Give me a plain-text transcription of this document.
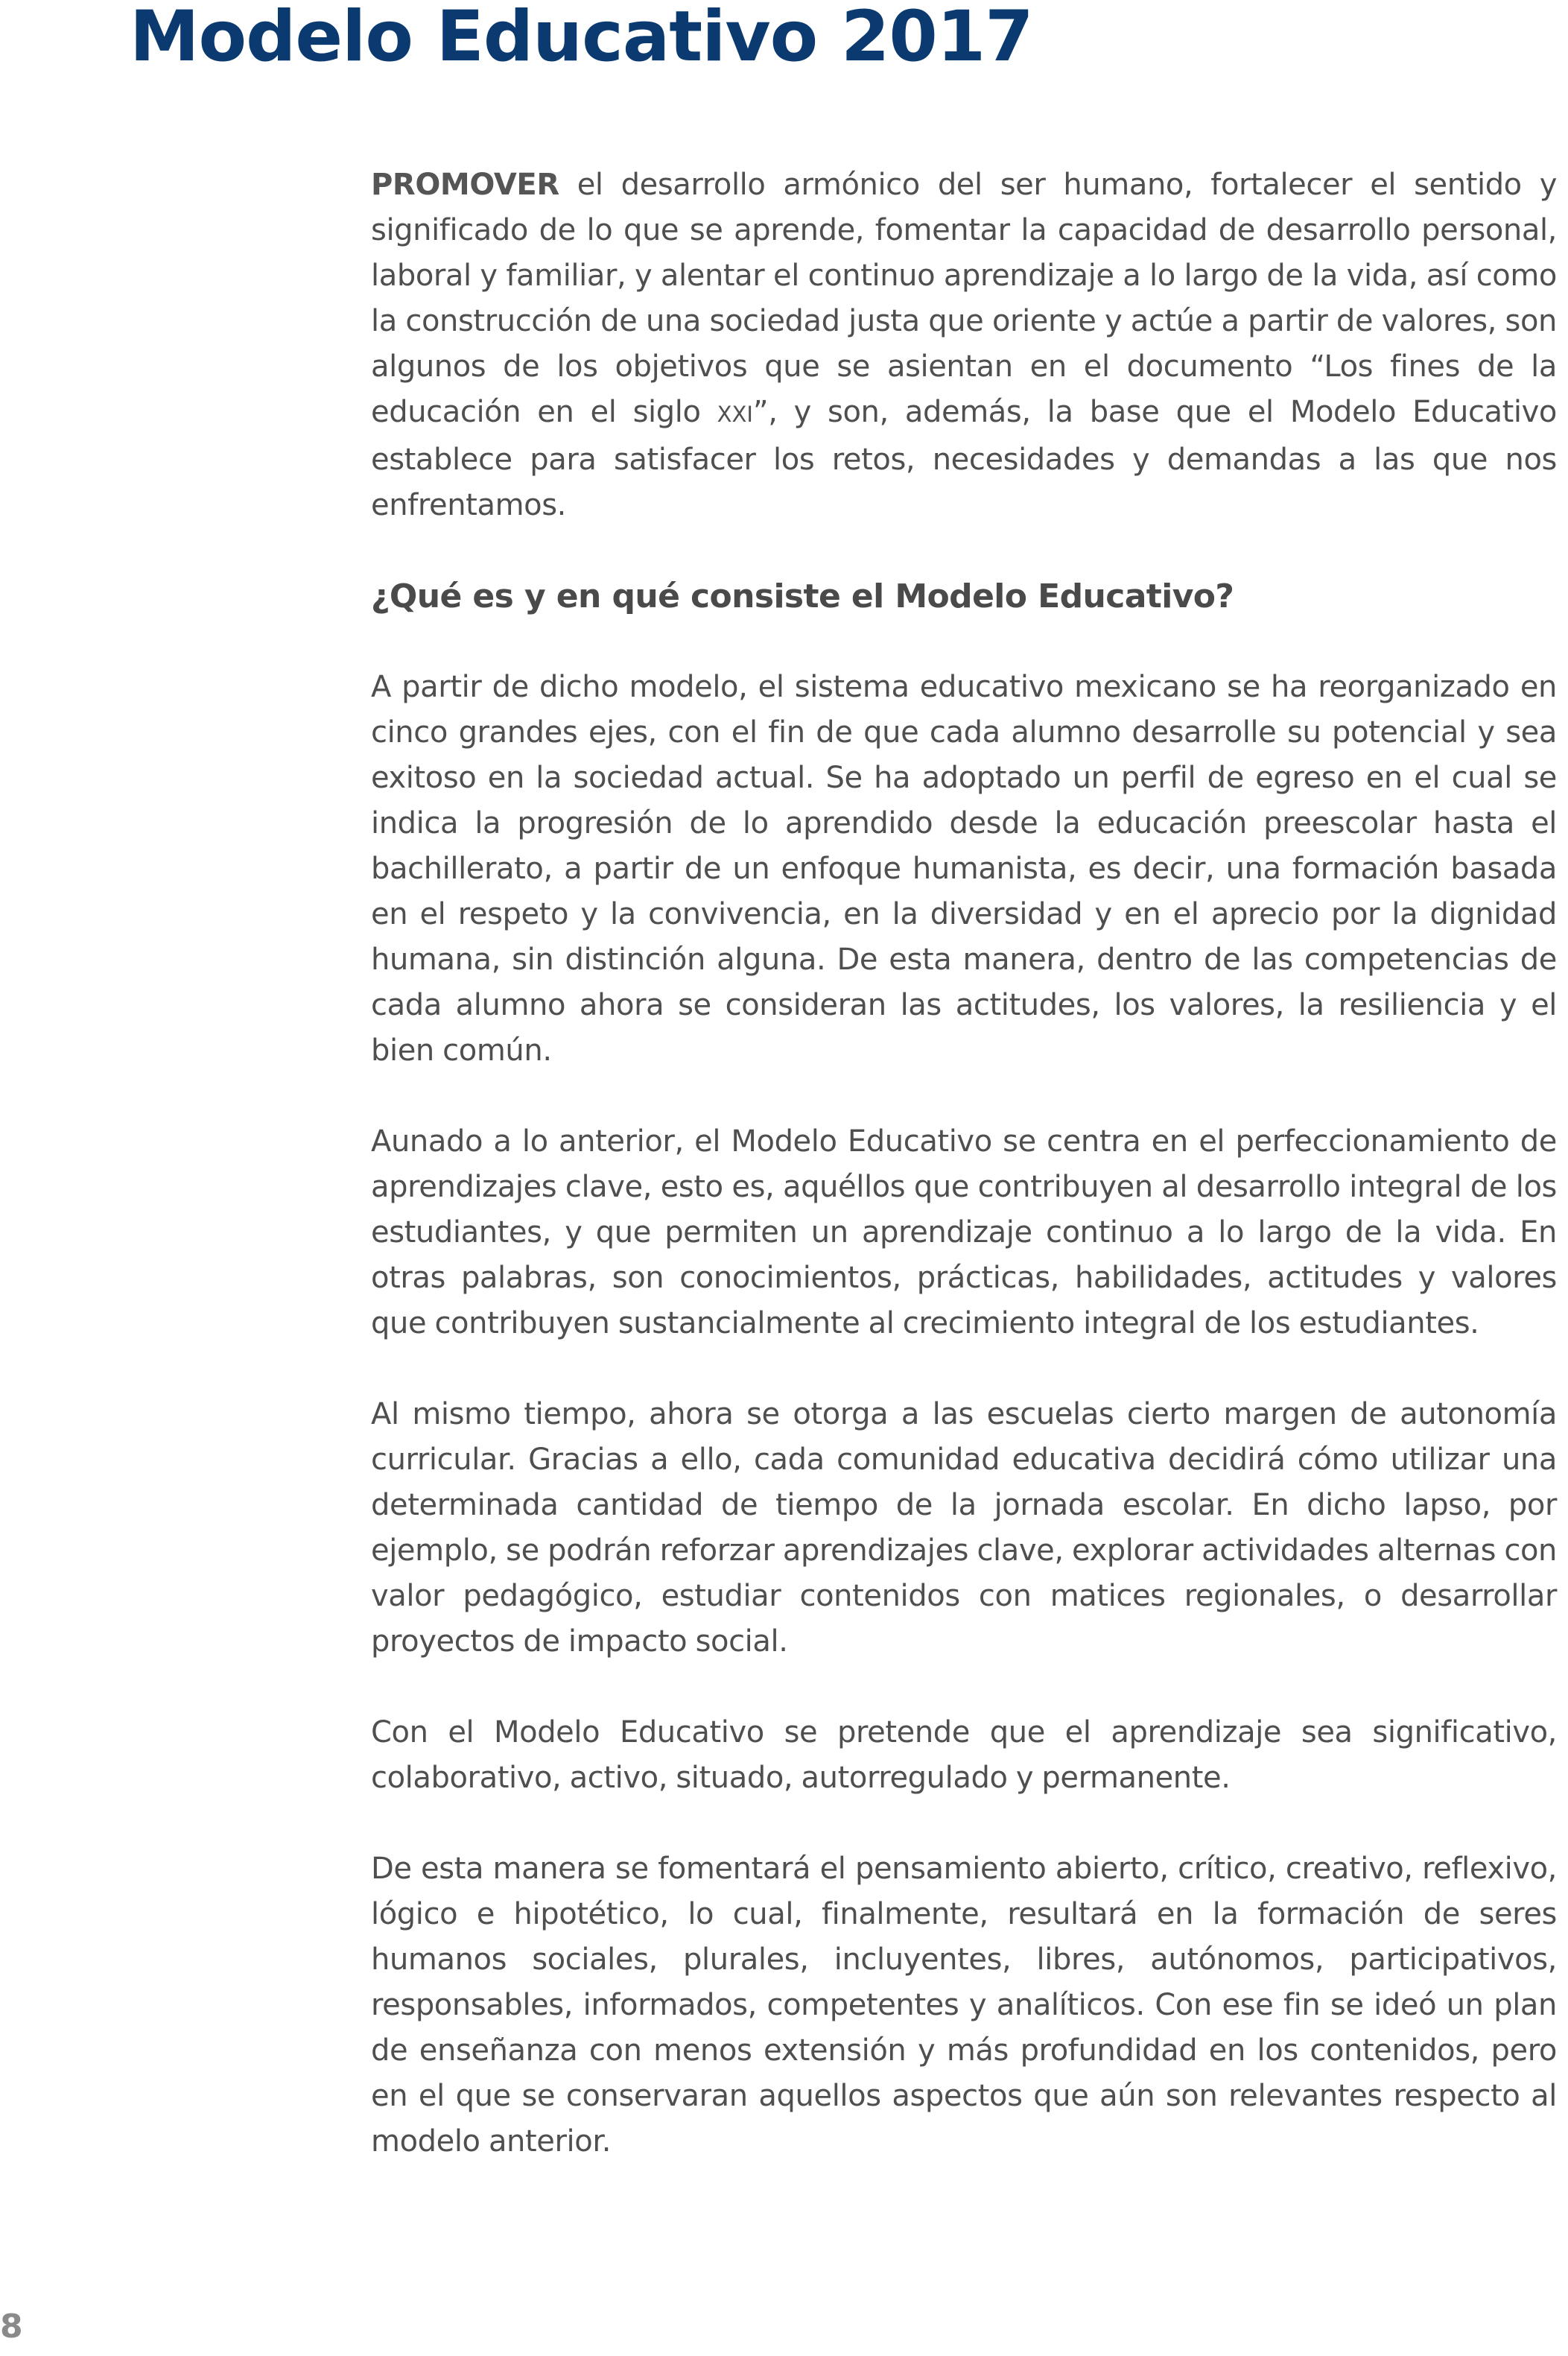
Modelo Educativo 2017

PROMOVER el desarrollo armónico del ser humano, fortalecer el sentido y significado de lo que se aprende, fomentar la capacidad de desarrollo personal, laboral y familiar, y alentar el continuo aprendizaje a lo largo de la vida, así como la construcción de una sociedad justa que oriente y actúe a partir de valores, son algunos de los objetivos que se asientan en el documento “Los fines de la educación en el siglo XXI”, y son, además, la base que el Modelo Educativo establece para satisfacer los retos, necesidades y demandas a las que nos enfrentamos.

¿Qué es y en qué consiste el Modelo Educativo?

A partir de dicho modelo, el sistema educativo mexicano se ha reorganizado en cinco grandes ejes, con el fin de que cada alumno desarrolle su potencial y sea exitoso en la sociedad actual. Se ha adoptado un perfil de egreso en el cual se indica la progresión de lo aprendido desde la educación preescolar hasta el bachillerato, a partir de un enfoque humanista, es decir, una formación basada en el respeto y la convivencia, en la diversidad y en el aprecio por la dignidad humana, sin distinción alguna. De esta manera, dentro de las competencias de cada alumno ahora se consideran las actitudes, los valores, la resiliencia y el bien común.

Aunado a lo anterior, el Modelo Educativo se centra en el perfeccionamiento de aprendizajes clave, esto es, aquéllos que contribuyen al desarrollo integral de los estudiantes, y que permiten un aprendizaje continuo a lo largo de la vida. En otras palabras, son conocimientos, prácticas, habilidades, actitudes y valores que contribuyen sustancialmente al crecimiento integral de los estudiantes.

Al mismo tiempo, ahora se otorga a las escuelas cierto margen de autonomía curricular. Gracias a ello, cada comunidad educativa decidirá cómo utilizar una determinada cantidad de tiempo de la jornada escolar. En dicho lapso, por ejemplo, se podrán reforzar aprendizajes clave, explorar actividades alternas con valor pedagógico, estudiar contenidos con matices regionales, o desarrollar proyectos de impacto social.

Con el Modelo Educativo se pretende que el aprendizaje sea significativo, colaborativo, activo, situado, autorregulado y permanente.

De esta manera se fomentará el pensamiento abierto, crítico, creativo, reflexivo, lógico e hipotético, lo cual, finalmente, resultará en la formación de seres humanos sociales, plurales, incluyentes, libres, autónomos, participativos, responsables, informados, competentes y analíticos. Con ese fin se ideó un plan de enseñanza con menos extensión y más profundidad en los contenidos, pero en el que se conservaran aquellos aspectos que aún son relevantes respecto al modelo anterior.

8
